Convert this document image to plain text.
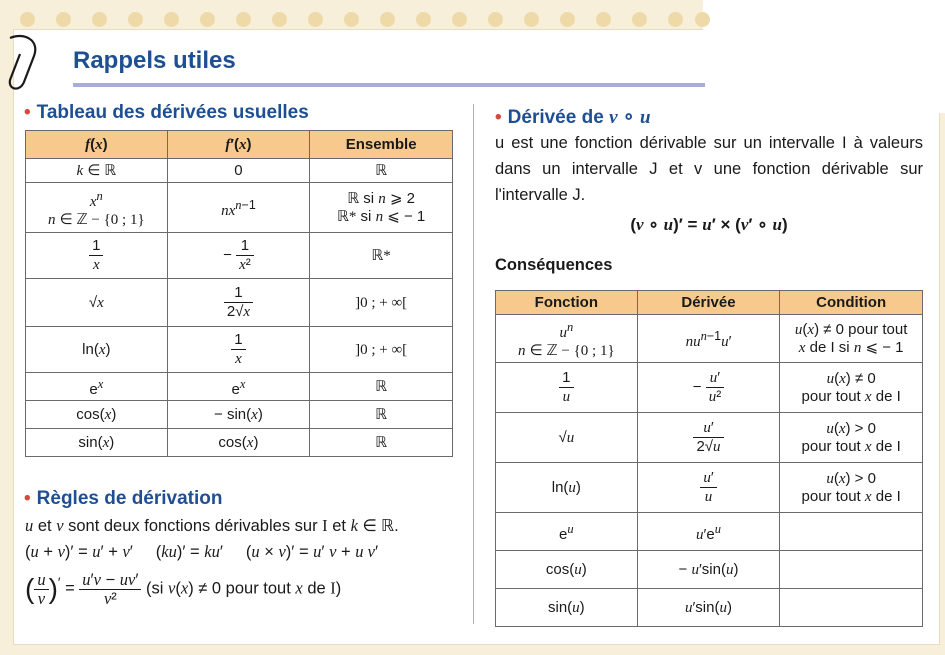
Rappels utiles
• Tableau des dérivées usuelles
f(x)	f′(x)	Ensemble
k ∈ ℝ	0	ℝ
$x^n$
n ∈ ℤ − {0 ; 1}	$nx^{n-1}$	ℝ si n ⩾ 2
ℝ* si n ⩽ − 1

$\frac{1}{x}$	− $\frac{1}{\text{x²}}$	ℝ*
√x	$\frac{1}{2√x}$	]0 ; + ∞[
ln(x)	$\frac{1}{x}$	]0 ; + ∞[
$e^x$	$e^x$	ℝ
cos(x)	− sin(x)	ℝ
sin(x)	cos(x)	ℝ
• Règles de dérivation

u et v sont deux fonctions dérivables sur I et k ∈ ℝ.

(u + v)′ = u′ + v′     (ku)′ = ku′     (u × v)′ = u′ v + u v′

( $\frac{u}{v} )' = \frac{u'v - uv'}{\text{v²}} (si$ v(x) ≠ 0 pour tout x de I)
• Dérivée de v ∘ u

u est une fonction dérivable sur un intervalle I à valeurs dans un intervalle J et v une fonction dérivable sur l'intervalle J.

(v ∘ u)′ = u′ × (v′ ∘ u)

Conséquences
Fonction	Dérivée	Condition
$u^n$
n ∈ ℤ − {0 ; 1}	$nu^{n-1}u'$	u(x) ≠ 0 pour tout
x de I si n ⩽ − 1

$\frac{1}{u}$	− $\frac{u'}{\text{u²}}$	u(x) ≠ 0
pour tout x de I
√u	$\frac{u'}{2√u}$	u(x) > 0
pour tout x de I
ln(u)	$\frac{u'}{u}$	u(x) > 0
pour tout x de I
$e^u$	$u'e^u$	
cos(u)	− u′sin(u)	
sin(u)	u′sin(u)	
